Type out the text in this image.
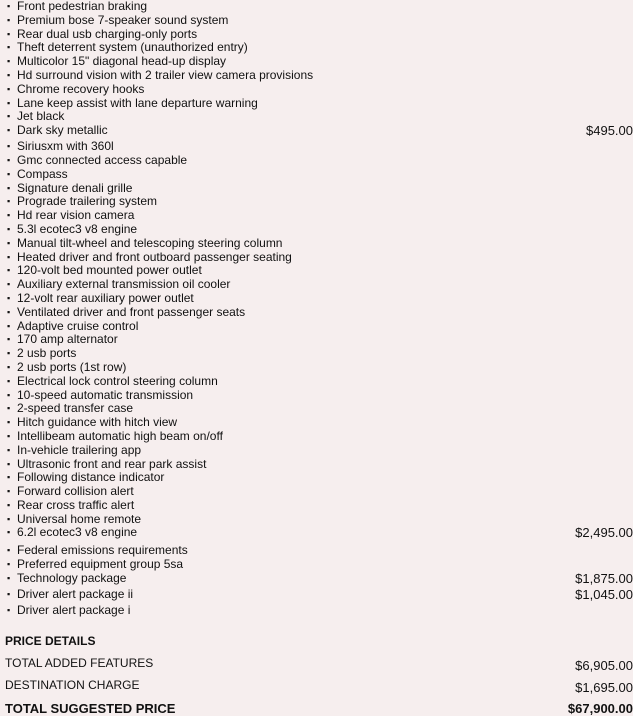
▪ Front pedestrian braking
▪ Premium bose 7-speaker sound system
▪ Rear dual usb charging-only ports
▪ Theft deterrent system (unauthorized entry)
▪ Multicolor 15" diagonal head-up display
▪ Hd surround vision with 2 trailer view camera provisions
▪ Chrome recovery hooks
▪ Lane keep assist with lane departure warning
▪ Jet black
▪ Dark sky metallic	$495.00
▪ Siriusxm with 360l
▪ Gmc connected access capable
▪ Compass
▪ Signature denali grille
▪ Prograde trailering system
▪ Hd rear vision camera
▪ 5.3l ecotec3 v8 engine
▪ Manual tilt-wheel and telescoping steering column
▪ Heated driver and front outboard passenger seating
▪ 120-volt bed mounted power outlet
▪ Auxiliary external transmission oil cooler
▪ 12-volt rear auxiliary power outlet
▪ Ventilated driver and front passenger seats
▪ Adaptive cruise control
▪ 170 amp alternator
▪ 2 usb ports
▪ 2 usb ports (1st row)
▪ Electrical lock control steering column
▪ 10-speed automatic transmission
▪ 2-speed transfer case
▪ Hitch guidance with hitch view
▪ Intellibeam automatic high beam on/off
▪ In-vehicle trailering app
▪ Ultrasonic front and rear park assist
▪ Following distance indicator
▪ Forward collision alert
▪ Rear cross traffic alert
▪ Universal home remote
▪ 6.2l ecotec3 v8 engine	$2,495.00
▪ Federal emissions requirements
▪ Preferred equipment group 5sa
▪ Technology package	$1,875.00
▪ Driver alert package ii	$1,045.00
▪ Driver alert package i
PRICE DETAILS
TOTAL ADDED FEATURES	$6,905.00
DESTINATION CHARGE	$1,695.00
TOTAL SUGGESTED PRICE	$67,900.00
